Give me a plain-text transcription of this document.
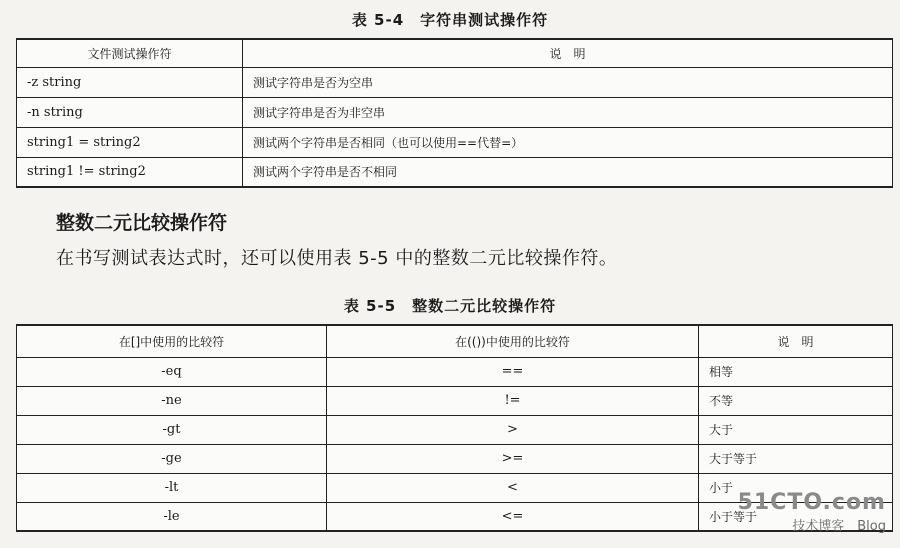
表 5-4　字符串测试操作符
文件测试操作符	说　明
-z string	测试字符串是否为空串
-n string	测试字符串是否为非空串
string1 = string2	测试两个字符串是否相同（也可以使用==代替=）
string1 != string2	测试两个字符串是否不相同
整数二元比较操作符
在书写测试表达式时，还可以使用表 5-5 中的整数二元比较操作符。
表 5-5　整数二元比较操作符
在[]中使用的比较符	在(())中使用的比较符	说　明
-eq	==	相等
-ne	!=	不等
-gt	>	大于
-ge	>=	大于等于
-lt	<	小于
-le	<=	小于等于
51CTO.com
技术博客　Blog
